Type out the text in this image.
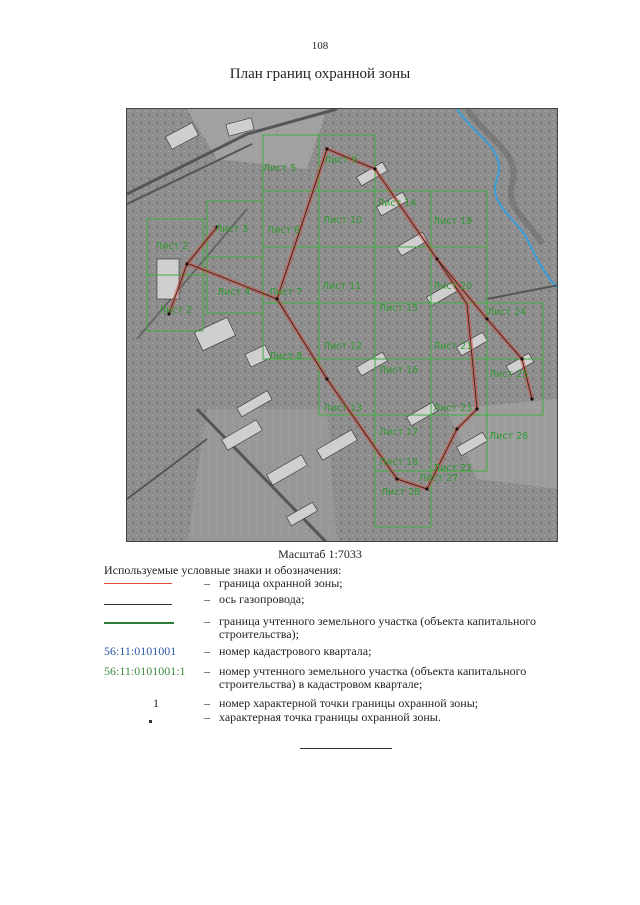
108
План границ охранной зоны
Лист 5
Лист 9
Лист 3 Лист 6
Лист 10
Лист 14
Лист 19
Лист 2
Лист 4 Лист 7
Лист 11	Лист 20
Лист 2	Лист 15	Лист 24
Лист 8
Лист 12	Лист 21
Лист 16	Лист 25
Лист 13	Лист 23
Лист 17	Лист 26
Лист 22
Лист 18
Лист 28
Лист 27
Масштаб 1:7033
Используемые условные знаки и обозначения:
– граница охранной зоны;
– ось газопровода;
– граница учтенного земельного участка (объекта капитального строительства);
56:11:0101001	– номер кадастрового квартала;
56:11:0101001:1	– номер учтенного земельного участка (объекта капитального строительства) в кадастровом квартале;
1	– номер характерной точки границы охранной зоны;
– характерная точка границы охранной зоны.
